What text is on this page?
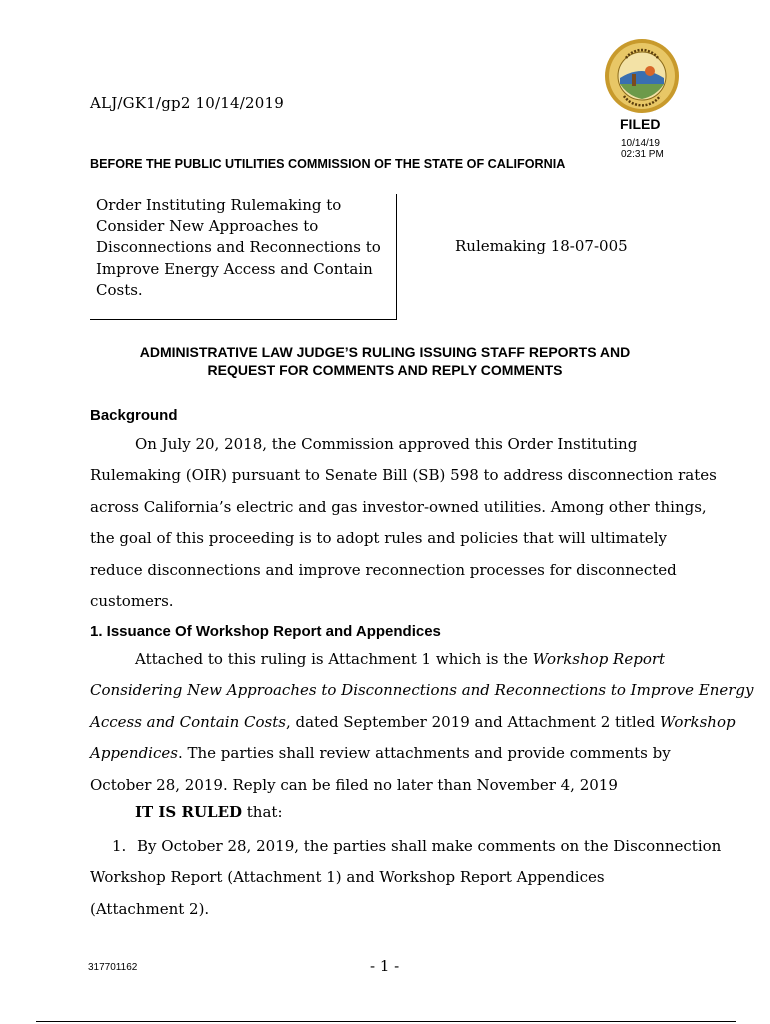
ALJ/GK1/gp2 10/14/2019
FILED
10/14/19
02:31 PM
BEFORE THE PUBLIC UTILITIES COMMISSION OF THE STATE OF CALIFORNIA
Order Instituting Rulemaking to
Consider New Approaches to
Disconnections and Reconnections to
Improve Energy Access and Contain
Costs.
Rulemaking 18-07-005
ADMINISTRATIVE LAW JUDGE’S RULING ISSUING STAFF REPORTS AND
REQUEST FOR COMMENTS AND REPLY COMMENTS
Background
On July 20, 2018, the Commission approved this Order Instituting
Rulemaking (OIR) pursuant to Senate Bill (SB) 598 to address disconnection rates
across California’s electric and gas investor-owned utilities. Among other things,
the goal of this proceeding is to adopt rules and policies that will ultimately
reduce disconnections and improve reconnection processes for disconnected
customers.
1. Issuance Of Workshop Report and Appendices
Attached to this ruling is Attachment 1 which is the Workshop Report
Considering New Approaches to Disconnections and Reconnections to Improve Energy
Access and Contain Costs, dated September 2019 and Attachment 2 titled Workshop
Appendices. The parties shall review attachments and provide comments by
October 28, 2019. Reply can be filed no later than November 4, 2019
IT IS RULED that:
1. By October 28, 2019, the parties shall make comments on the Disconnection
Workshop Report (Attachment 1) and Workshop Report Appendices
(Attachment 2).
317701162	- 1 -
